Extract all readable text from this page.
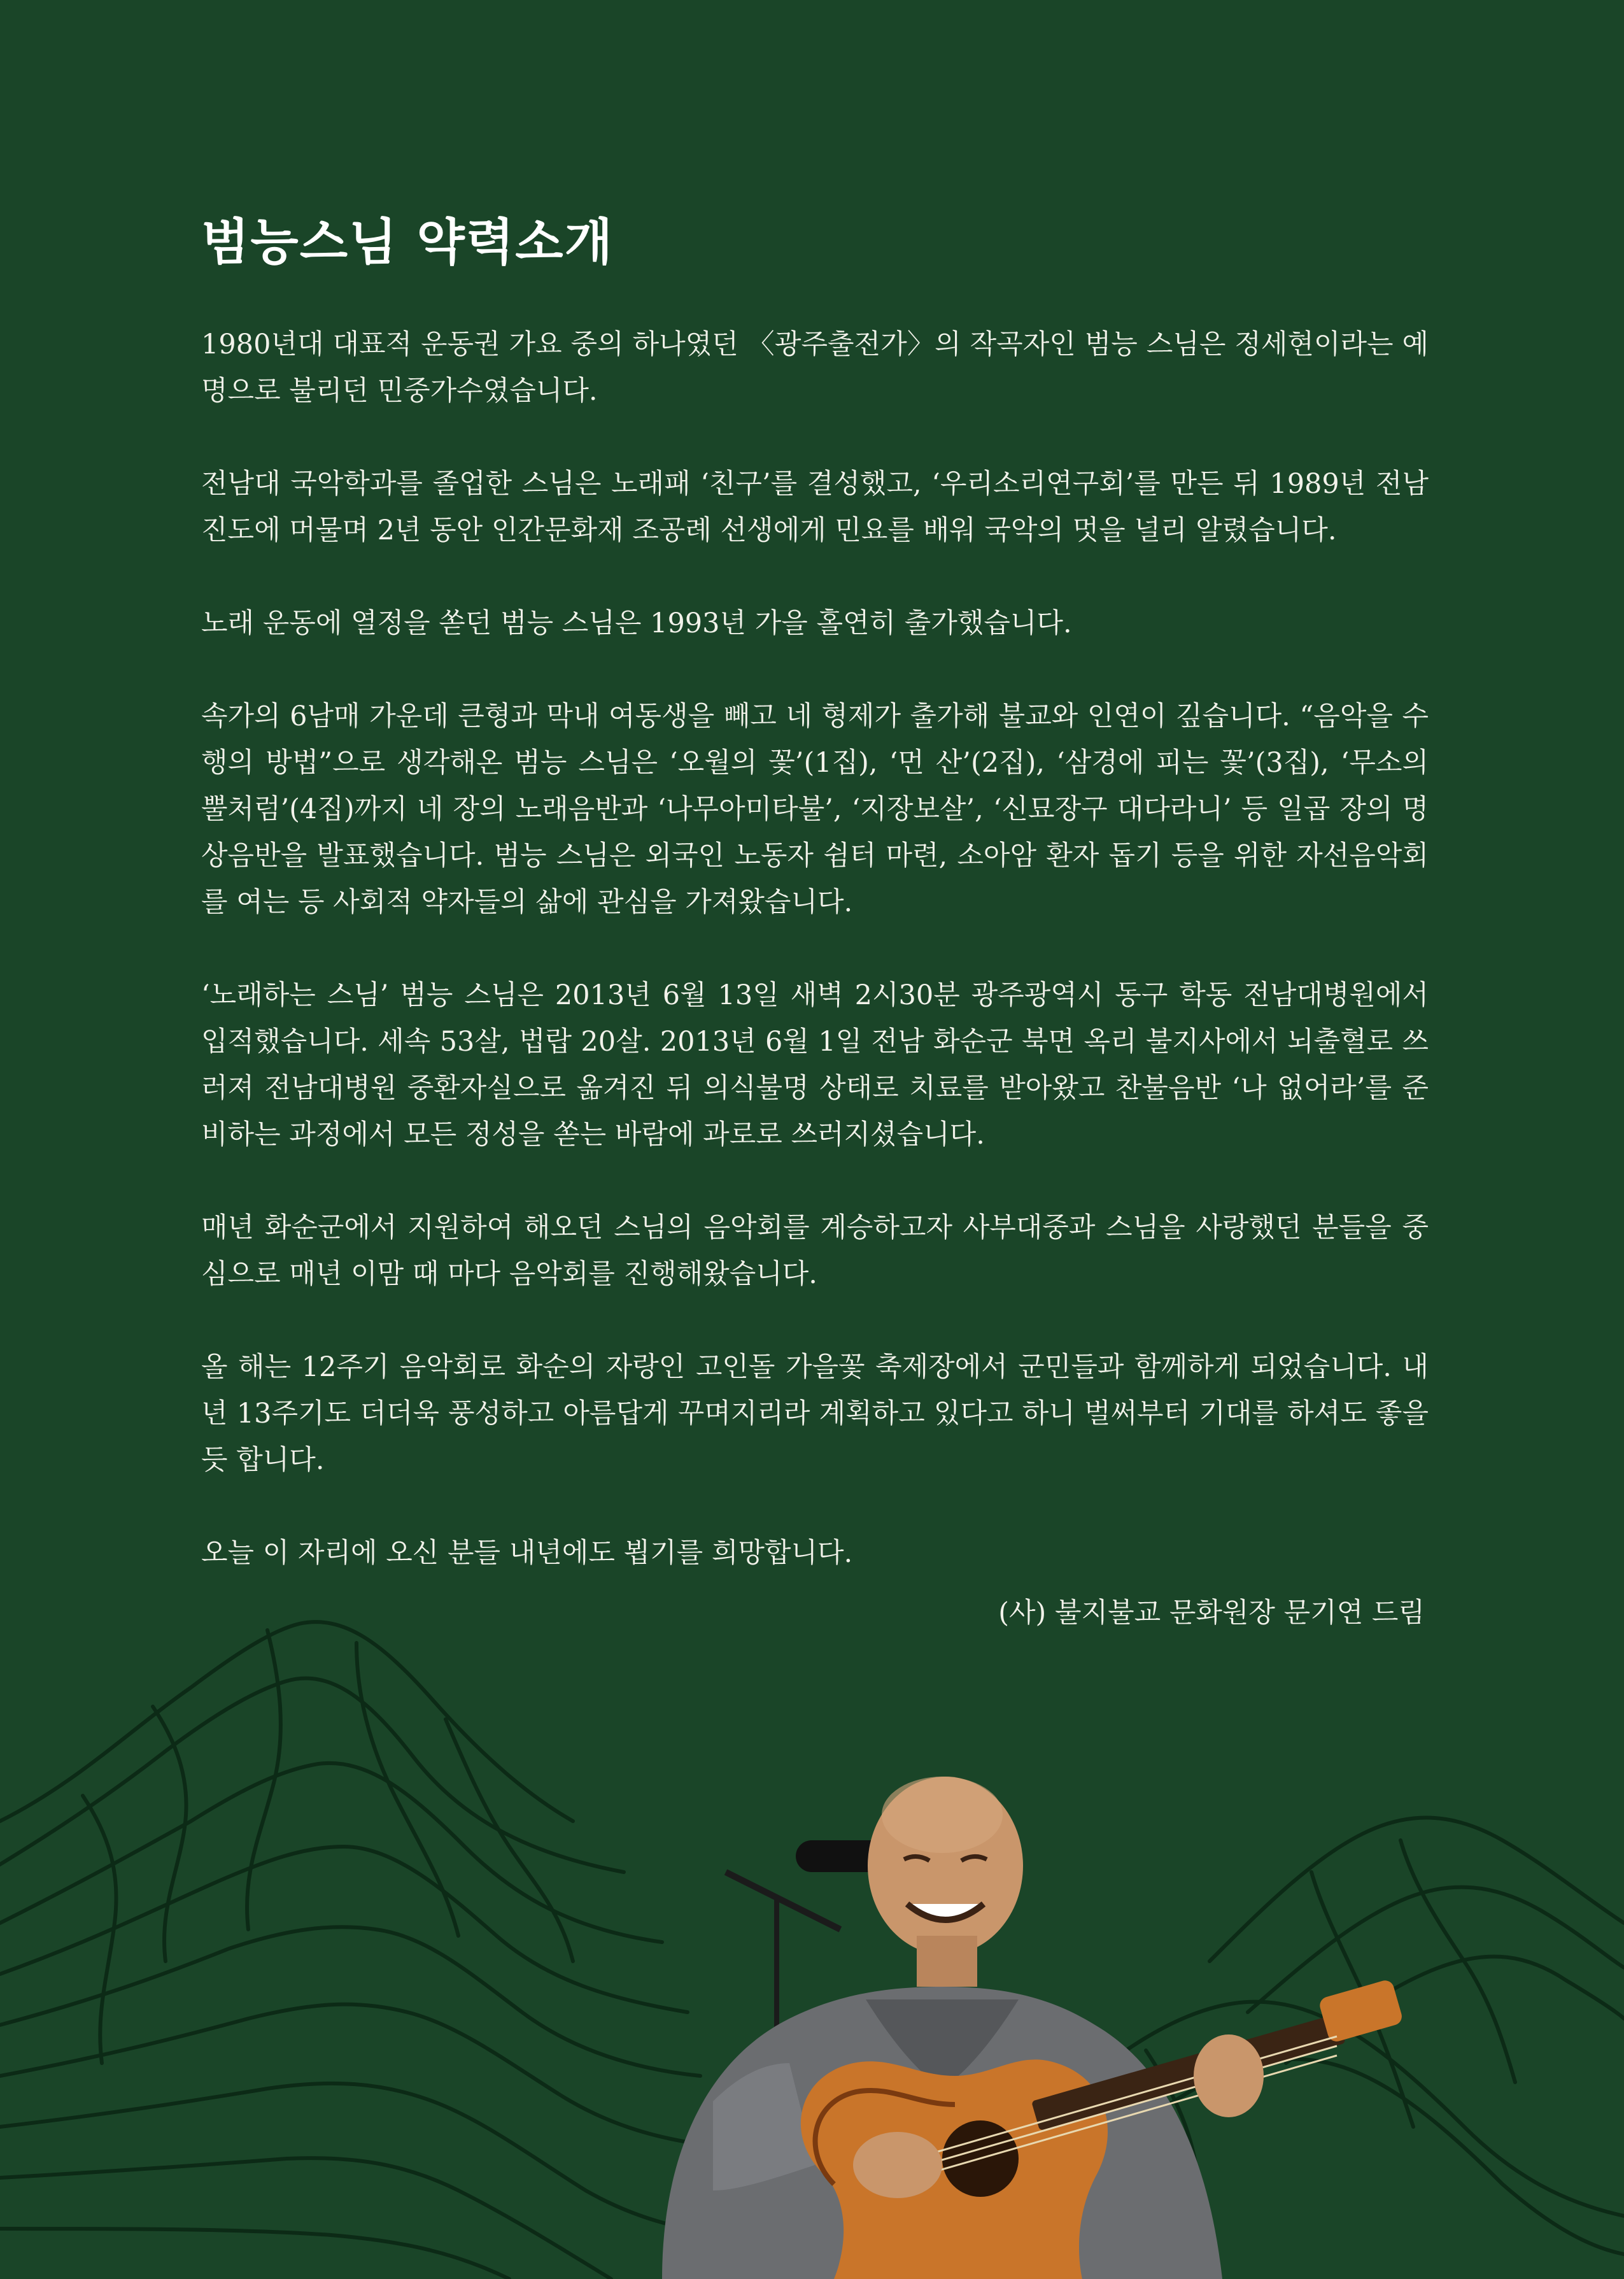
범능스님 약력소개

1980년대 대표적 운동권 가요 중의 하나였던 〈광주출전가〉의 작곡자인 범능 스님은 정세현이라는 예명으로 불리던 민중가수였습니다.

전남대 국악학과를 졸업한 스님은 노래패 ‘친구’를 결성했고, ‘우리소리연구회’를 만든 뒤 1989년 전남 진도에 머물며 2년 동안 인간문화재 조공례 선생에게 민요를 배워 국악의 멋을 널리 알렸습니다.

노래 운동에 열정을 쏟던 범능 스님은 1993년 가을 홀연히 출가했습니다.

속가의 6남매 가운데 큰형과 막내 여동생을 빼고 네 형제가 출가해 불교와 인연이 깊습니다. “음악을 수행의 방법”으로 생각해온 범능 스님은 ‘오월의 꽃’(1집), ‘먼 산’(2집), ‘삼경에 피는 꽃’(3집), ‘무소의 뿔처럼’(4집)까지 네 장의 노래음반과 ‘나무아미타불’, ‘지장보살’, ‘신묘장구 대다라니’ 등 일곱 장의 명상음반을 발표했습니다. 범능 스님은 외국인 노동자 쉼터 마련, 소아암 환자 돕기 등을 위한 자선음악회를 여는 등 사회적 약자들의 삶에 관심을 가져왔습니다.

‘노래하는 스님’ 범능 스님은 2013년 6월 13일 새벽 2시30분 광주광역시 동구 학동 전남대병원에서 입적했습니다. 세속 53살, 법랍 20살. 2013년 6월 1일 전남 화순군 북면 옥리 불지사에서 뇌출혈로 쓰러져 전남대병원 중환자실으로 옮겨진 뒤 의식불명 상태로 치료를 받아왔고 찬불음반 ‘나 없어라’를 준비하는 과정에서 모든 정성을 쏟는 바람에 과로로 쓰러지셨습니다.

매년 화순군에서 지원하여 해오던 스님의 음악회를 계승하고자 사부대중과 스님을 사랑했던 분들을 중심으로 매년 이맘 때 마다 음악회를 진행해왔습니다.

올 해는 12주기 음악회로 화순의 자랑인 고인돌 가을꽃 축제장에서 군민들과 함께하게 되었습니다. 내년 13주기도 더더욱 풍성하고 아름답게 꾸며지리라 계획하고 있다고 하니 벌써부터 기대를 하셔도 좋을 듯 합니다.

오늘 이 자리에 오신 분들 내년에도 뵙기를 희망합니다.

(사) 불지불교 문화원장 문기연 드림
